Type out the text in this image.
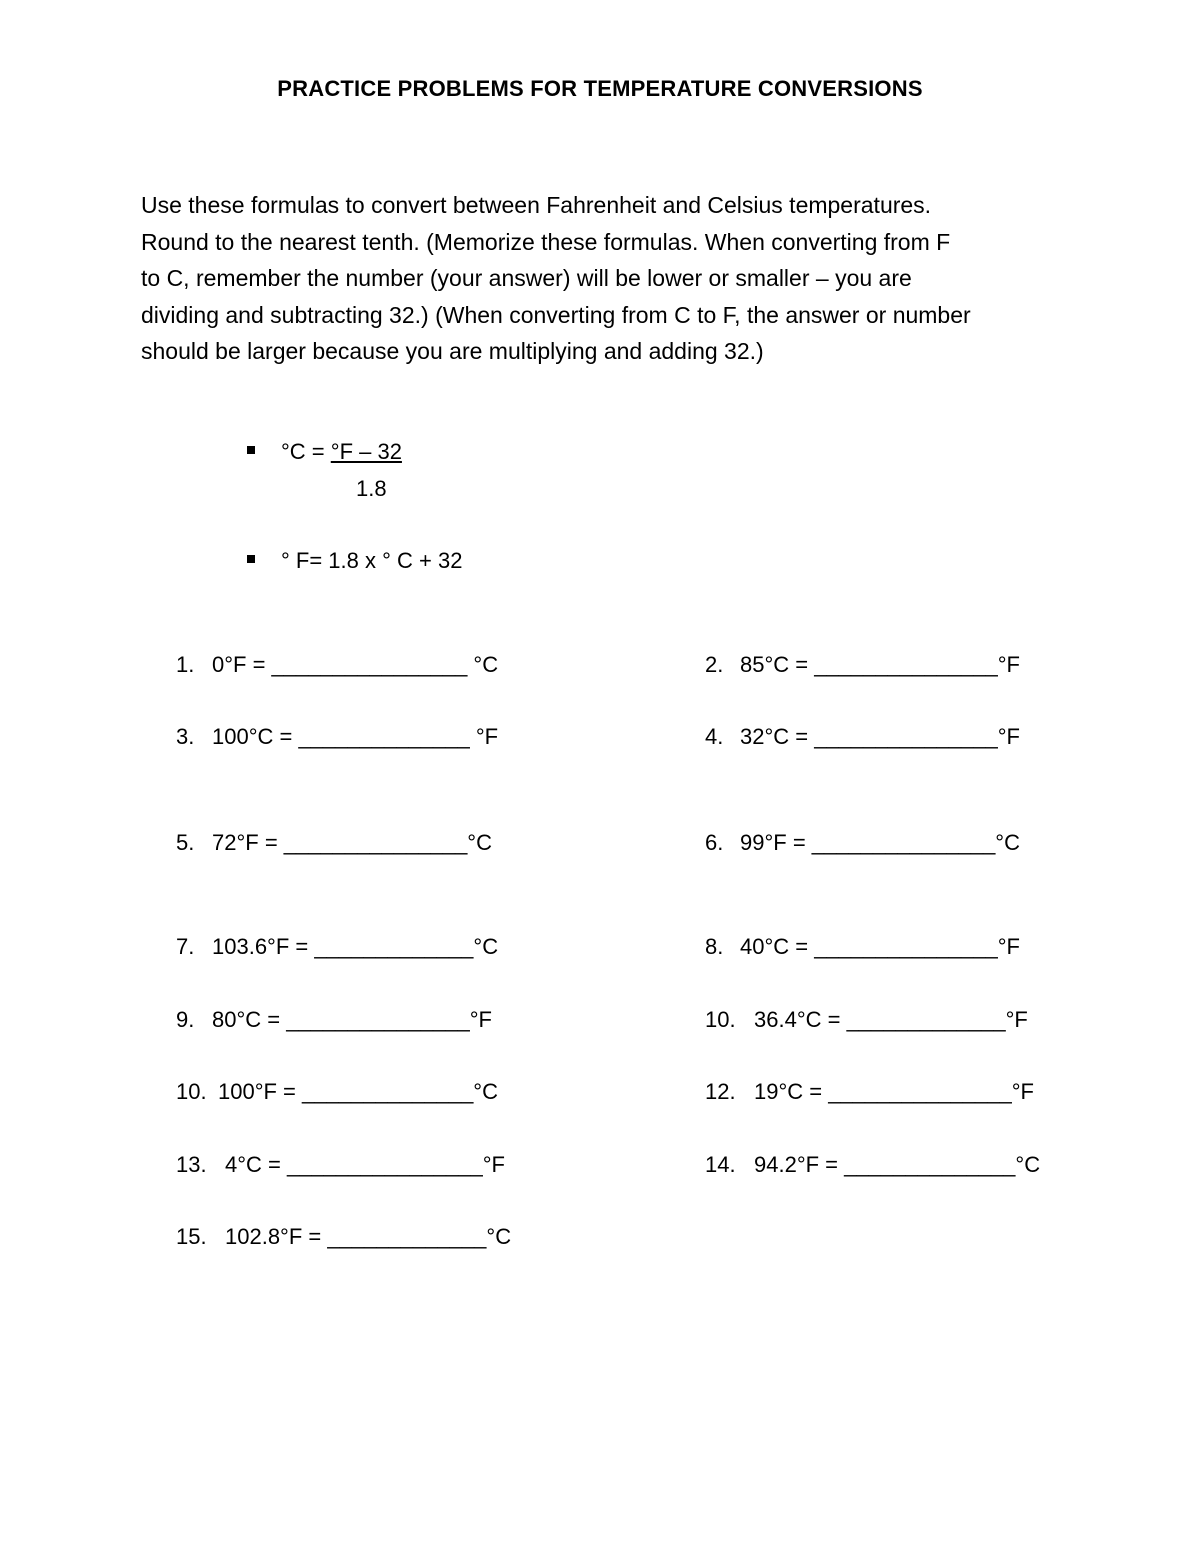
PRACTICE PROBLEMS FOR TEMPERATURE CONVERSIONS
Use these formulas to convert between Fahrenheit and Celsius temperatures.
Round to the nearest tenth. (Memorize these formulas. When converting from F
to C, remember the number (your answer) will be lower or smaller – you are
dividing and subtracting 32.) (When converting from C to F, the answer or number
should be larger because you are multiplying and adding 32.)
°C = °F – 32
1.8
° F= 1.8 x ° C + 32
1. 0°F = ________________ °C	2. 85°C = _______________°F
3. 100°C = ______________ °F	4. 32°C = _______________°F
5. 72°F = _______________°C	6. 99°F = _______________°C
7. 103.6°F = _____________°C	8. 40°C = _______________°F
9. 80°C = _______________°F	10. 36.4°C = _____________°F
10. 100°F = ______________°C	12. 19°C = _______________°F
13. 4°C = ________________°F	14. 94.2°F = ______________°C
15. 102.8°F = _____________°C
